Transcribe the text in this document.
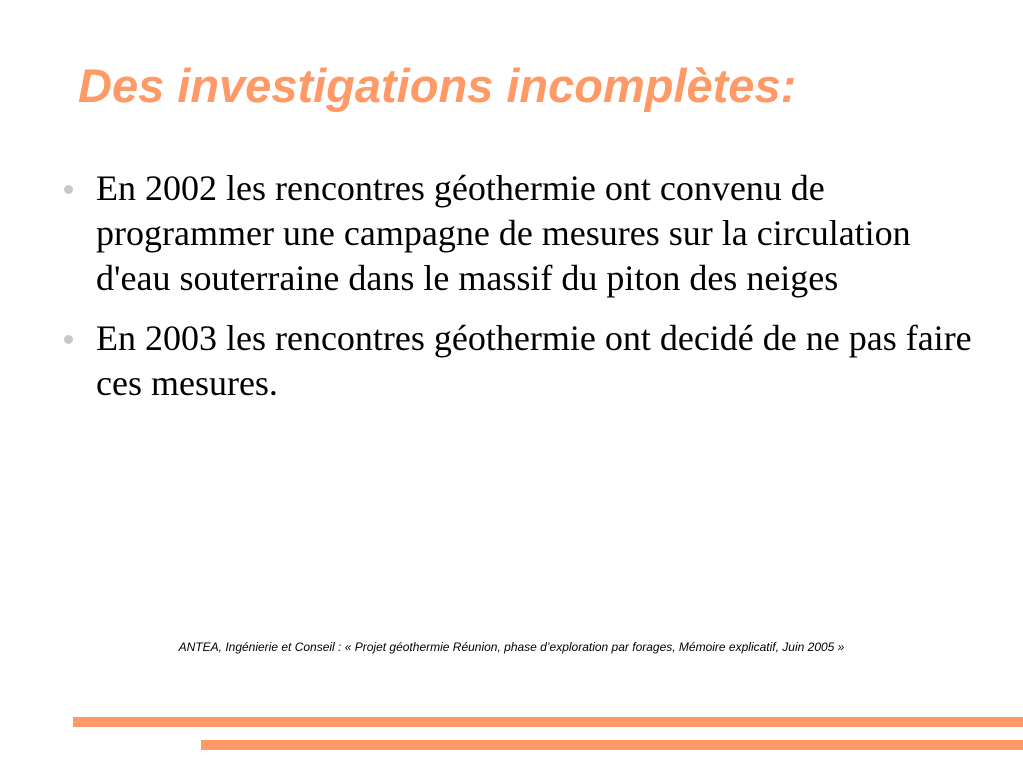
Des investigations incomplètes:
En 2002 les rencontres géothermie ont convenu de programmer une campagne de mesures sur la circulation d'eau souterraine dans le massif du piton des neiges
En 2003 les rencontres géothermie ont decidé de ne pas faire ces mesures.
ANTEA, Ingénierie et Conseil : « Projet géothermie Réunion, phase d’exploration par forages, Mémoire explicatif, Juin 2005 »
